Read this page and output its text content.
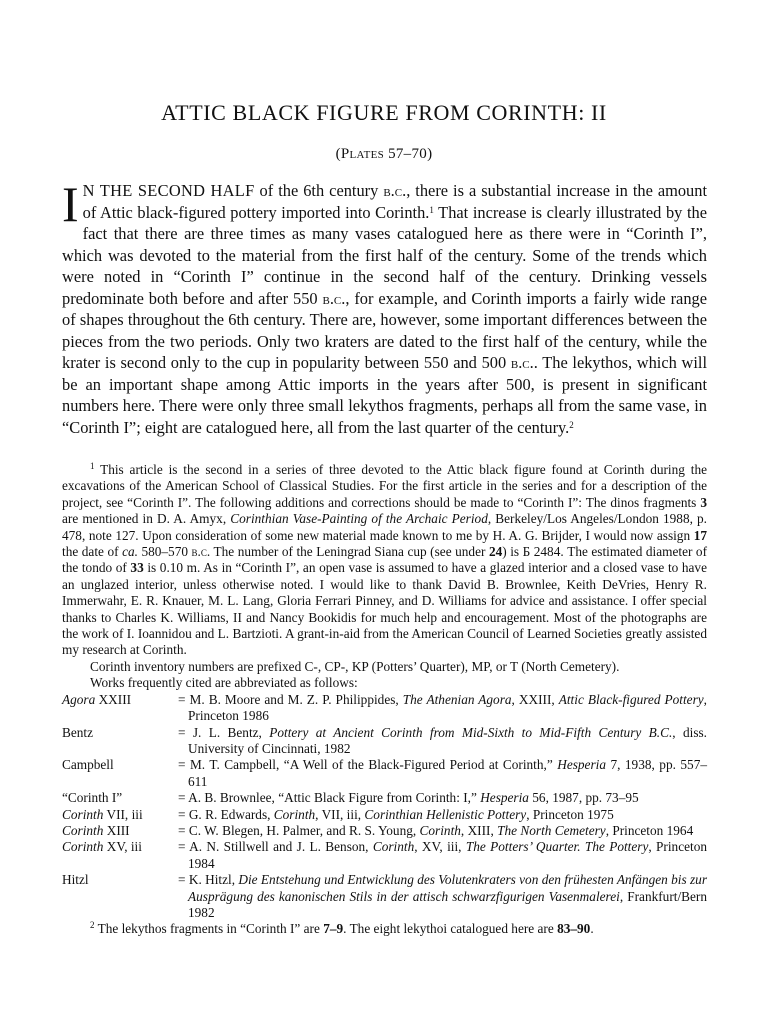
ATTIC BLACK FIGURE FROM CORINTH: II
(Plates 57–70)
I N THE SECOND HALF of the 6th century b.c., there is a substantial increase in the amount of Attic black-figured pottery imported into Corinth.$^1$ That increase is clearly illustrated by the fact that there are three times as many vases catalogued here as there were in “Corinth I”, which was devoted to the material from the first half of the century. Some of the trends which were noted in “Corinth I” continue in the second half of the century. Drinking vessels predominate both before and after 550 b.c., for example, and Corinth imports a fairly wide range of shapes throughout the 6th century. There are, however, some important differences between the pieces from the two periods. Only two kraters are dated to the first half of the century, while the krater is second only to the cup in popularity between 550 and 500 b.c.. The lekythos, which will be an important shape among Attic imports in the years after 500, is present in significant numbers here. There were only three small lekythos fragments, perhaps all from the same vase, in “Corinth I”; eight are catalogued here, all from the last quarter of the century.$^2$

$^1$ This article is the second in a series of three devoted to the Attic black figure found at Corinth during the excavations of the American School of Classical Studies. For the first article in the series and for a description of the project, see “Corinth I”. The following additions and corrections should be made to “Corinth I”: The dinos fragments 3 are mentioned in D. A. Amyx, Corinthian Vase-Painting of the Archaic Period, Berkeley/Los Angeles/London 1988, p. 478, note 127. Upon consideration of some new material made known to me by H. A. G. Brijder, I would now assign 17 the date of ca. 580–570 b.c. The number of the Leningrad Siana cup (see under 24) is Б 2484. The estimated diameter of the tondo of 33 is 0.10 m. As in “Corinth I”, an open vase is assumed to have a glazed interior and a closed vase to have an unglazed interior, unless otherwise noted. I would like to thank David B. Brownlee, Keith DeVries, Henry R. Immerwahr, E. R. Knauer, M. L. Lang, Gloria Ferrari Pinney, and D. Williams for advice and assistance. I offer special thanks to Charles K. Williams, II and Nancy Bookidis for much help and encouragement. Most of the photographs are the work of I. Ioannidou and L. Bartzioti. A grant-in-aid from the American Council of Learned Societies greatly assisted my research at Corinth.

Corinth inventory numbers are prefixed C-, CP-, KP (Potters’ Quarter), MP, or T (North Cemetery).

Works frequently cited are abbreviated as follows:

Agora XXIII	= M. B. Moore and M. Z. P. Philippides, The Athenian Agora, XXIII, Attic Black-figured Pottery, Princeton 1986
Bentz	= J. L. Bentz, Pottery at Ancient Corinth from Mid-Sixth to Mid-Fifth Century B.C., diss. University of Cincinnati, 1982
Campbell	= M. T. Campbell, “A Well of the Black-Figured Period at Corinth,” Hesperia 7, 1938, pp. 557–611
“Corinth I”	= A. B. Brownlee, “Attic Black Figure from Corinth: I,” Hesperia 56, 1987, pp. 73–95
Corinth VII, iii	= G. R. Edwards, Corinth, VII, iii, Corinthian Hellenistic Pottery, Princeton 1975
Corinth XIII	= C. W. Blegen, H. Palmer, and R. S. Young, Corinth, XIII, The North Cemetery, Princeton 1964
Corinth XV, iii	= A. N. Stillwell and J. L. Benson, Corinth, XV, iii, The Potters’ Quarter. The Pottery, Princeton 1984
Hitzl	= K. Hitzl, Die Entstehung und Entwicklung des Volutenkraters von den frühesten Anfängen bis zur Ausprägung des kanonischen Stils in der attisch schwarzfigurigen Vasenmalerei, Frankfurt/Bern 1982
$^2$ The lekythos fragments in “Corinth I” are 7–9. The eight lekythoi catalogued here are 83–90.
